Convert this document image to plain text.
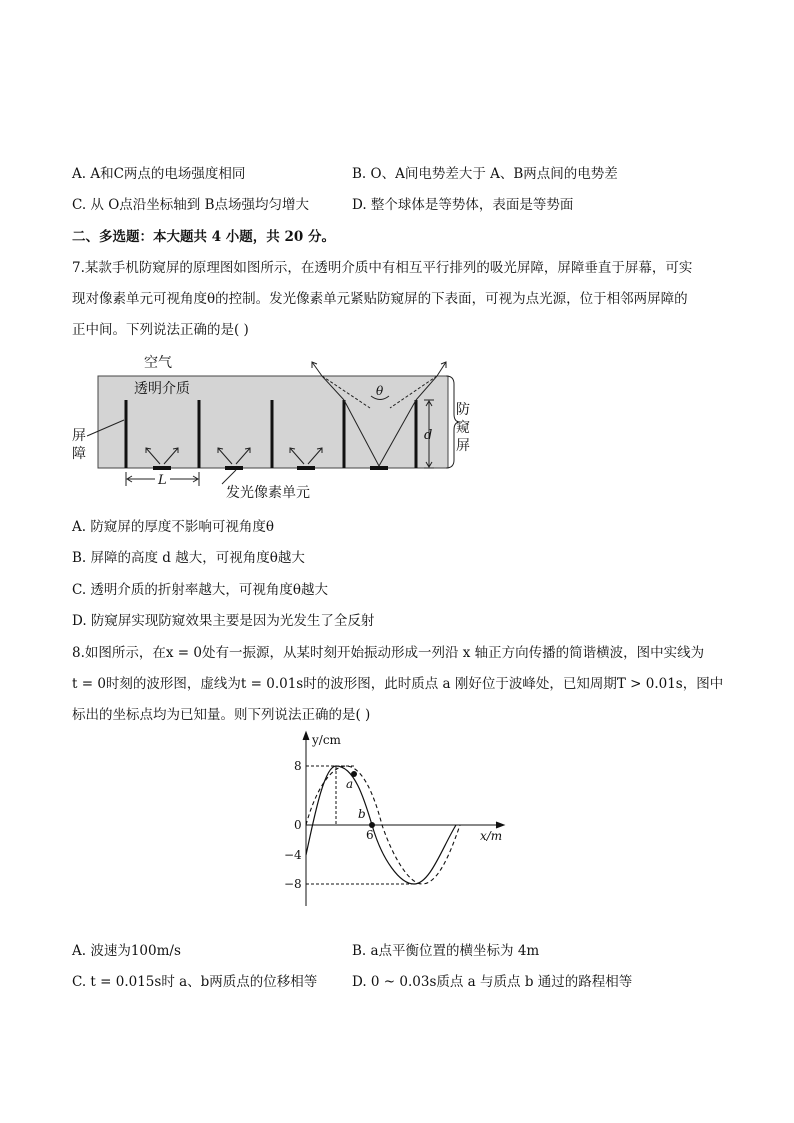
A. A和C两点的电场强度相同	B. O、A间电势差大于 A、B两点间的电势差
C. 从 O点沿坐标轴到 B点场强均匀增大	D. 整个球体是等势体，表面是等势面
二、多选题：本大题共 4 小题，共 20 分。
7.某款手机防窥屏的原理图如图所示，在透明介质中有相互平行排列的吸光屏障，屏障垂直于屏幕，可实
现对像素单元可视角度θ的控制。发光像素单元紧贴防窥屏的下表面，可视为点光源，位于相邻两屏障的
正中间。下列说法正确的是( )
θ
d
防
窥
屏
空气
透明介质
屏
障
L
发光像素单元
A. 防窥屏的厚度不影响可视角度θ
B. 屏障的高度 d 越大，可视角度θ越大
C. 透明介质的折射率越大，可视角度θ越大
D. 防窥屏实现防窥效果主要是因为光发生了全反射
8.如图所示，在x = 0处有一振源，从某时刻开始振动形成一列沿 x 轴正方向传播的简谐横波，图中实线为
t = 0时刻的波形图，虚线为t = 0.01s时的波形图，此时质点 a 刚好位于波峰处，已知周期T > 0.01s，图中
标出的坐标点均为已知量。则下列说法正确的是( )
y/cm
x/m
8
0
−4
−8
6
a
b
A. 波速为100m/s	B. a点平衡位置的横坐标为 4m
C. t = 0.015s时 a、b两质点的位移相等	D. 0 ~ 0.03s质点 a 与质点 b 通过的路程相等
